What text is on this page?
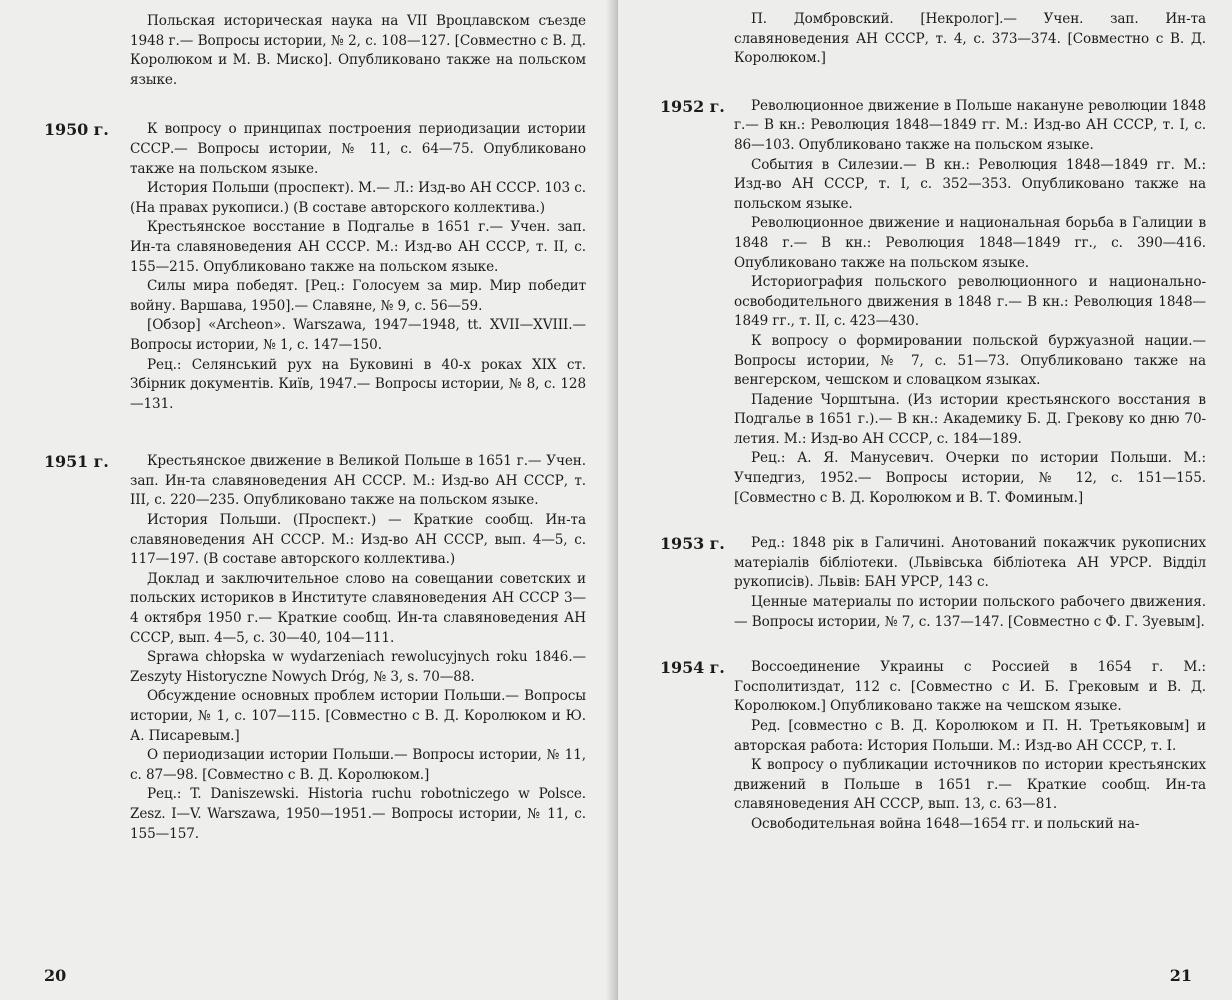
Польская историческая наука на VII Вроцлавском съезде 1948 г.— Вопросы истории, № 2, с. 108—127. [Совместно с В. Д. Королюком и М. В. Миско]. Опубликовано также на польском языке.

1950 г.	К вопросу о принципах построения периодизации истории СССР.— Вопросы истории, № 11, с. 64—75. Опубликовано также на польском языке.

История Польши (проспект). М.— Л.: Изд-во АН СССР. 103 с. (На правах рукописи.) (В составе авторского коллектива.)

Крестьянское восстание в Подгалье в 1651 г.— Учен. зап. Ин-та славяноведения АН СССР. М.: Изд-во АН СССР, т. II, с. 155—215. Опубликовано также на польском языке.

Силы мира победят. [Рец.: Голосуем за мир. Мир победит войну. Варшава, 1950].— Славяне, № 9, с. 56—59.

[Обзор] «Archeon». Warszawa, 1947—1948, tt. XVII—XVIII.— Вопросы истории, № 1, с. 147—150.

Рец.: Селянський рух на Буковині в 40-х роках XIX ст. Збірник документів. Київ, 1947.— Вопросы истории, № 8, с. 128—131.

1951 г.	Крестьянское движение в Великой Польше в 1651 г.— Учен. зап. Ин-та славяноведения АН СССР. М.: Изд-во АН СССР, т. III, с. 220—235. Опубликовано также на польском языке.

История Польши. (Проспект.) — Краткие сообщ. Ин-та славяноведения АН СССР. М.: Изд-во АН СССР, вып. 4—5, с. 117—197. (В составе авторского коллектива.)

Доклад и заключительное слово на совещании советских и польских историков в Институте славяноведения АН СССР 3—4 октября 1950 г.— Краткие сообщ. Ин-та славяноведения АН СССР, вып. 4—5, с. 30—40, 104—111.

Sprawa chłopska w wydarzeniach rewolucyjnych roku 1846.— Zeszyty Historyczne Nowych Dróg, № 3, s. 70—88.

Обсуждение основных проблем истории Польши.— Вопросы истории, № 1, с. 107—115. [Совместно с В. Д. Королюком и Ю. А. Писаревым.]

О периодизации истории Польши.— Вопросы истории, № 11, с. 87—98. [Совместно с В. Д. Королюком.]

Рец.: T. Daniszewski. Historia ruchu robotniczego w Polsce. Zesz. I—V. Warszawa, 1950—1951.— Вопросы истории, № 11, с. 155—157.

20

П. Домбровский. [Некролог].— Учен. зап. Ин-та славяноведения АН СССР, т. 4, с. 373—374. [Совместно с В. Д. Королюком.]

1952 г.	Революционное движение в Польше накануне революции 1848 г.— В кн.: Революция 1848—1849 гг. М.: Изд-во АН СССР, т. I, с. 86—103. Опубликовано также на польском языке.

События в Силезии.— В кн.: Революция 1848—1849 гг. М.: Изд-во АН СССР, т. I, с. 352—353. Опубликовано также на польском языке.

Революционное движение и национальная борьба в Галиции в 1848 г.— В кн.: Революция 1848—1849 гг., с. 390—416. Опубликовано также на польском языке.

Историография польского революционного и национально-освободительного движения в 1848 г.— В кн.: Революция 1848—1849 гг., т. II, с. 423—430.

К вопросу о формировании польской буржуазной нации.— Вопросы истории, № 7, с. 51—73. Опубликовано также на венгерском, чешском и словацком языках.

Падение Чорштына. (Из истории крестьянского восстания в Подгалье в 1651 г.).— В кн.: Академику Б. Д. Грекову ко дню 70-летия. М.: Изд-во АН СССР, с. 184—189.

Рец.: А. Я. Манусевич. Очерки по истории Польши. М.: Учпедгиз, 1952.— Вопросы истории, № 12, с. 151—155. [Совместно с В. Д. Королюком и В. Т. Фоминым.]

1953 г.	Ред.: 1848 рік в Галичині. Анотований покажчик рукописних матеріалів бібліотеки. (Львівська бібліотека АН УРСР. Відділ рукописів). Львів: БАН УРСР, 143 с.

Ценные материалы по истории польского рабочего движения.— Вопросы истории, № 7, с. 137—147. [Совместно с Ф. Г. Зуевым].

1954 г.	Воссоединение Украины с Россией в 1654 г. М.: Госполитиздат, 112 с. [Совместно с И. Б. Грековым и В. Д. Королюком.] Опубликовано также на чешском языке.

Ред. [совместно с В. Д. Королюком и П. Н. Третьяковым] и авторская работа: История Польши. М.: Изд-во АН СССР, т. I.

К вопросу о публикации источников по истории крестьянских движений в Польше в 1651 г.— Краткие сообщ. Ин-та славяноведения АН СССР, вып. 13, с. 63—81.

Освободительная война 1648—1654 гг. и польский на-

21
